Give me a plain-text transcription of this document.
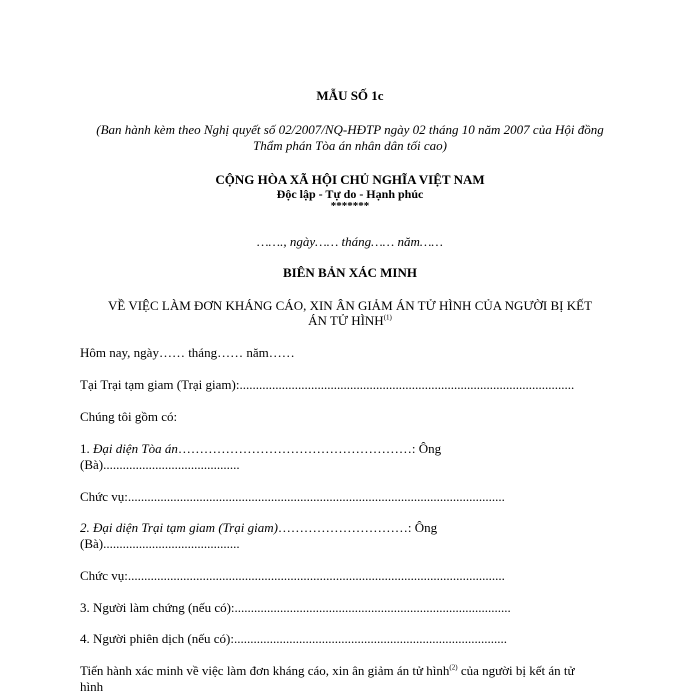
MẪU SỐ 1c
(Ban hành kèm theo Nghị quyết số 02/2007/NQ-HĐTP ngày 02 tháng 10 năm 2007 của Hội đồng Thẩm phán Tòa án nhân dân tối cao)
CỘNG HÒA XÃ HỘI CHỦ NGHĨA VIỆT NAM
Độc lập - Tự do - Hạnh phúc
*******
……., ngày…… tháng…… năm……
BIÊN BẢN XÁC MINH
VỀ VIỆC LÀM ĐƠN KHÁNG CÁO, XIN ÂN GIẢM ÁN TỬ HÌNH CỦA NGƯỜI BỊ KẾT
ÁN TỬ HÌNH$^{(1)}$
Hôm nay, ngày…… tháng…… năm……
Tại Trại tạm giam (Trại giam):.......................................................................................................
Chúng tôi gồm có:
1. Đại diện Tòa án………………………………………………: Ông
(Bà)..........................................
Chức vụ:....................................................................................................................
2. Đại diện Trại tạm giam (Trại giam)…………………………: Ông
(Bà)..........................................
Chức vụ:....................................................................................................................
3. Người làm chứng (nếu có):.....................................................................................
4. Người phiên dịch (nếu có):....................................................................................
Tiến hành xác minh về việc làm đơn kháng cáo, xin ân giảm án tử hình$^{(2)}$ của người bị kết án tử
hình
